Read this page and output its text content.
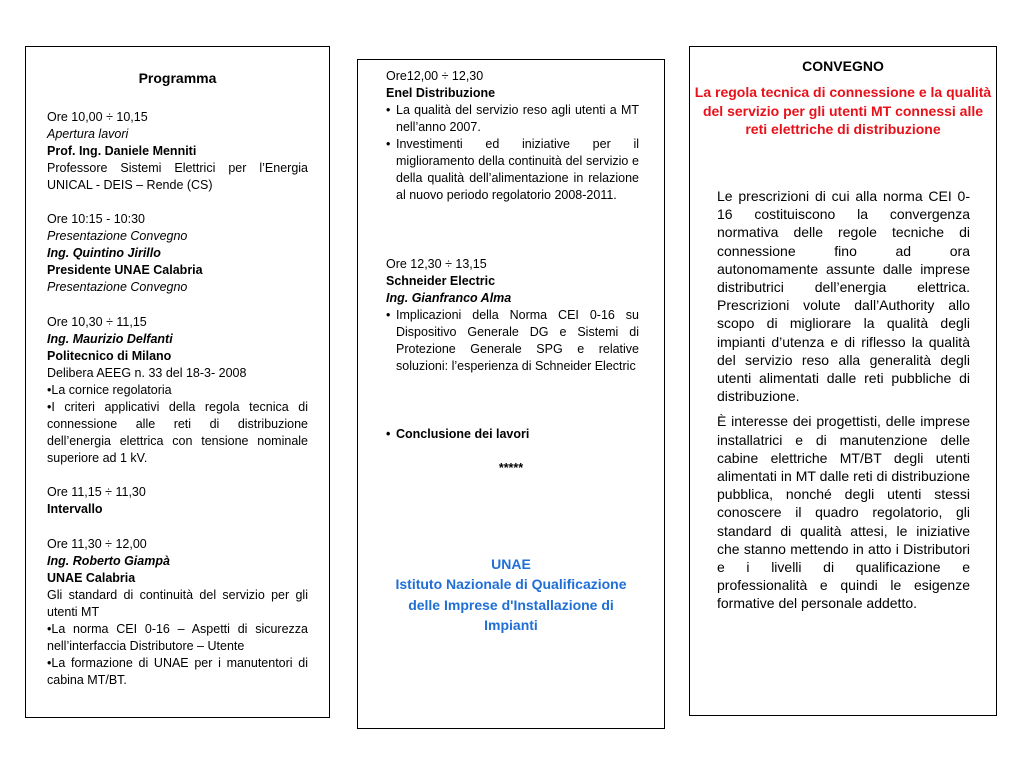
Programma
Ore 10,00 ÷ 10,15
Apertura lavori
Prof. Ing. Daniele Menniti
Professore Sistemi Elettrici per l’Energia UNICAL - DEIS – Rende (CS)
Ore 10:15 - 10:30
Presentazione Convegno
Ing. Quintino Jirillo
Presidente UNAE Calabria
Presentazione Convegno
Ore 10,30 ÷ 11,15
Ing. Maurizio Delfanti
Politecnico di Milano
Delibera AEEG n. 33 del 18-3- 2008
•La cornice regolatoria
•I criteri applicativi della regola tecnica di connessione alle reti di distribuzione dell’energia elettrica con tensione nominale superiore ad 1 kV.
Ore 11,15 ÷ 11,30
Intervallo
Ore 11,30 ÷ 12,00
Ing. Roberto Giampà
UNAE Calabria
Gli standard di continuità del servizio per gli utenti MT
•La norma CEI 0-16 – Aspetti di sicurezza nell’interfaccia Distributore – Utente
•La formazione di UNAE per i manutentori di cabina MT/BT.
Ore12,00 ÷ 12,30
Enel Distribuzione
• La qualità del servizio reso agli utenti a MT nell’anno 2007.
• Investimenti ed iniziative per il miglioramento della continuità del servizio e della qualità dell’alimentazione in relazione al nuovo periodo regolatorio 2008-2011.
Ore 12,30 ÷ 13,15
Schneider Electric
Ing. Gianfranco Alma
• Implicazioni della Norma CEI 0-16 su Dispositivo Generale DG e Sistemi di Protezione Generale SPG e relative soluzioni: l’esperienza di Schneider Electric
• Conclusione dei lavori
*****
UNAE
Istituto Nazionale di Qualificazione delle Imprese d'Installazione di Impianti
CONVEGNO
La regola tecnica di connessione e la qualità del servizio per gli utenti MT connessi alle reti elettriche di distribuzione

Le prescrizioni di cui alla norma CEI 0-16 costituiscono la convergenza normativa delle regole tecniche di connessione fino ad ora autonomamente assunte dalle imprese distributrici dell’energia elettrica. Prescrizioni volute dall’Authority allo scopo di migliorare la qualità degli impianti d’utenza e di riflesso la qualità del servizio reso alla generalità degli utenti alimentati dalle reti pubbliche di distribuzione.

È interesse dei progettisti, delle imprese installatrici e di manutenzione delle cabine elettriche MT/BT degli utenti alimentati in MT dalle reti di distribuzione pubblica, nonché degli utenti stessi conoscere il quadro regolatorio, gli standard di qualità attesi, le iniziative che stanno mettendo in atto i Distributori e i livelli di qualificazione e professionalità e quindi le esigenze formative del personale addetto.
